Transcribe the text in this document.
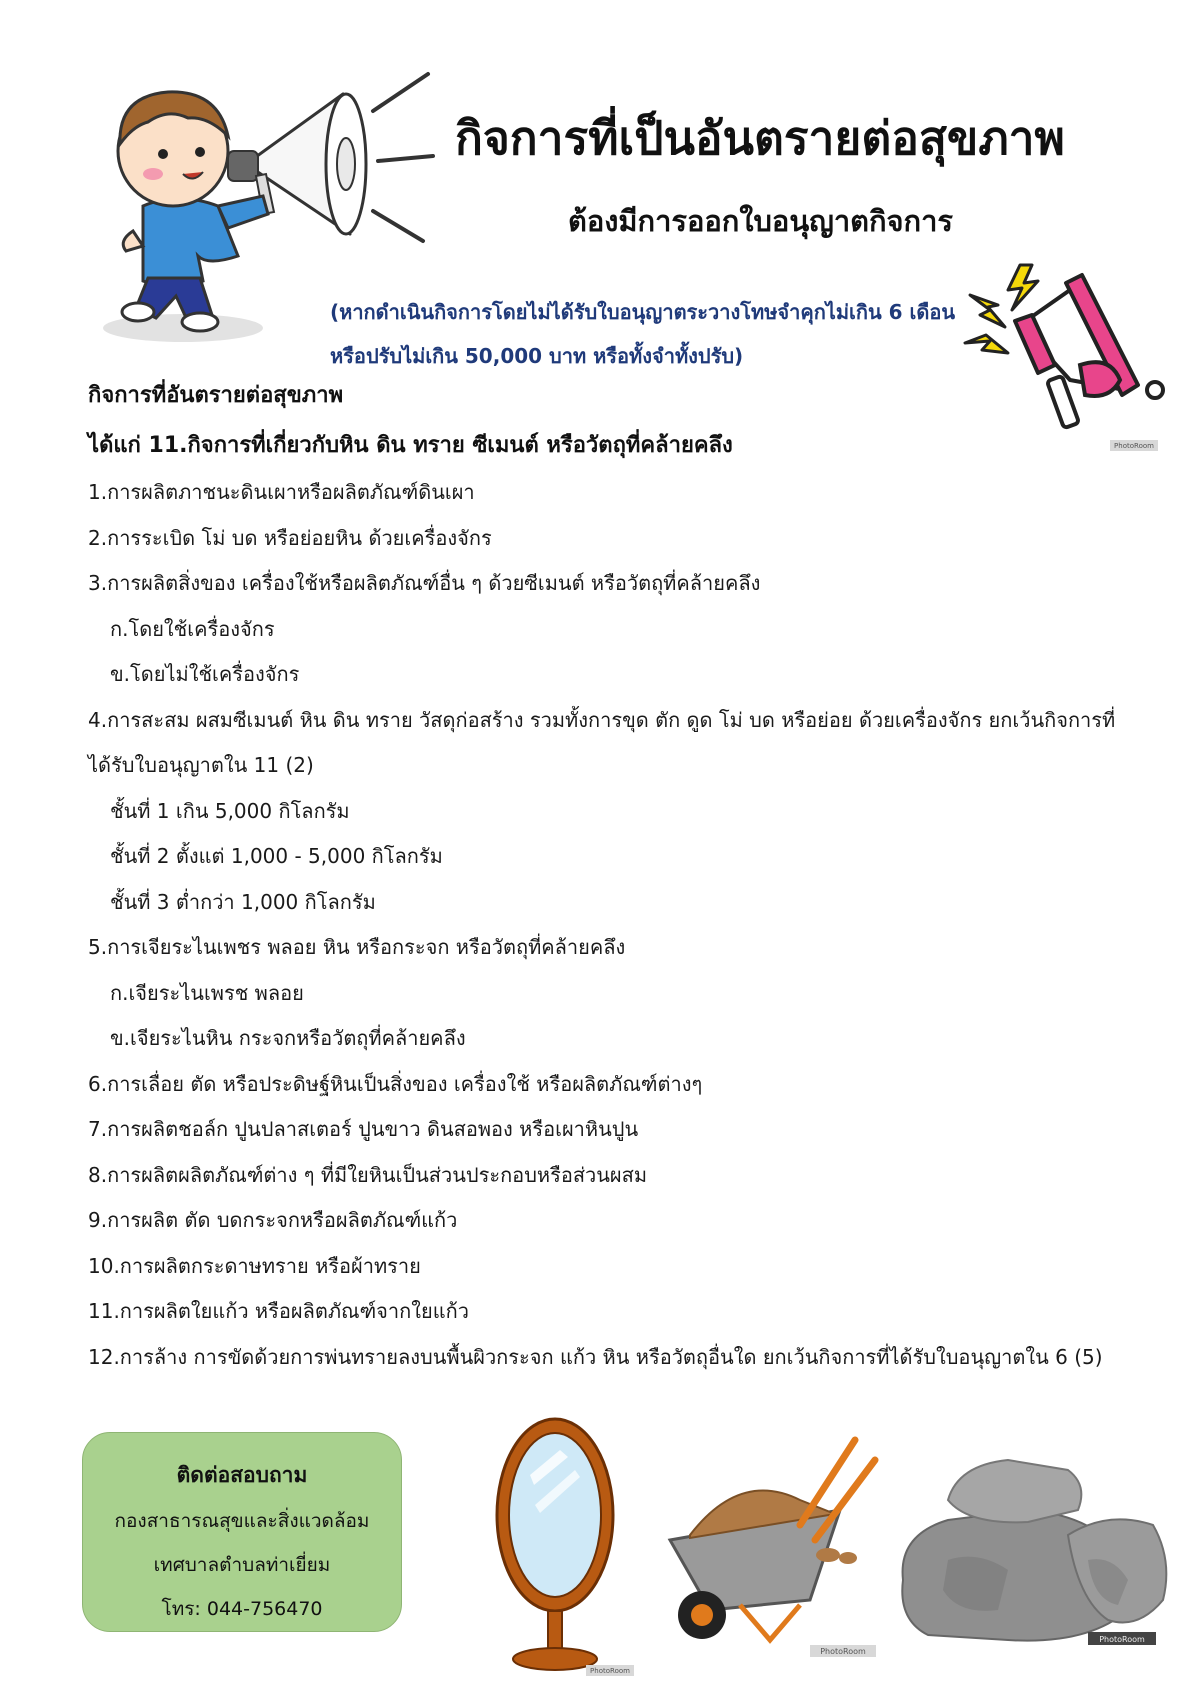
กิจการที่เป็นอันตรายต่อสุขภาพ
ต้องมีการออกใบอนุญาตกิจการ
(หากดำเนินกิจการโดยไม่ได้รับใบอนุญาตระวางโทษจำคุกไม่เกิน 6 เดือน
หรือปรับไม่เกิน 50,000 บาท หรือทั้งจำทั้งปรับ)
PhotoRoom
กิจการที่อันตรายต่อสุขภาพ
ได้แก่ 11.กิจการที่เกี่ยวกับหิน ดิน ทราย ซีเมนต์ หรือวัตถุที่คล้ายคลึง
1.การผลิตภาชนะดินเผาหรือผลิตภัณฑ์ดินเผา
2.การระเบิด โม่ บด หรือย่อยหิน ด้วยเครื่องจักร
3.การผลิตสิ่งของ เครื่องใช้หรือผลิตภัณฑ์อื่น ๆ ด้วยซีเมนต์ หรือวัตถุที่คล้ายคลึง
ก.โดยใช้เครื่องจักร
ข.โดยไม่ใช้เครื่องจักร
4.การสะสม ผสมซีเมนต์ หิน ดิน ทราย วัสดุก่อสร้าง รวมทั้งการขุด ตัก ดูด โม่ บด หรือย่อย ด้วยเครื่องจักร ยกเว้นกิจการที่
ได้รับใบอนุญาตใน 11 (2)
ชั้นที่ 1 เกิน 5,000 กิโลกรัม
ชั้นที่ 2 ตั้งแต่ 1,000 - 5,000 กิโลกรัม
ชั้นที่ 3 ต่ำกว่า 1,000 กิโลกรัม
5.การเจียระไนเพชร พลอย หิน หรือกระจก หรือวัตถุที่คล้ายคลึง
ก.เจียระไนเพรช พลอย
ข.เจียระไนหิน กระจกหรือวัตถุที่คล้ายคลึง
6.การเลื่อย ตัด หรือประดิษฐ์หินเป็นสิ่งของ เครื่องใช้ หรือผลิตภัณฑ์ต่างๆ
7.การผลิตชอล์ก ปูนปลาสเตอร์ ปูนขาว ดินสอพอง หรือเผาหินปูน
8.การผลิตผลิตภัณฑ์ต่าง ๆ ที่มีใยหินเป็นส่วนประกอบหรือส่วนผสม
9.การผลิต ตัด บดกระจกหรือผลิตภัณฑ์แก้ว
10.การผลิตกระดาษทราย หรือผ้าทราย
11.การผลิตใยแก้ว หรือผลิตภัณฑ์จากใยแก้ว
12.การล้าง การขัดด้วยการพ่นทรายลงบนพื้นผิวกระจก แก้ว หิน หรือวัตถุอื่นใด ยกเว้นกิจการที่ได้รับใบอนุญาตใน 6 (5)
ติดต่อสอบถาม
กองสาธารณสุขและสิ่งแวดล้อม
เทศบาลตำบลท่าเยี่ยม
โทร: 044-756470
PhotoRoom
PhotoRoom
PhotoRoom
